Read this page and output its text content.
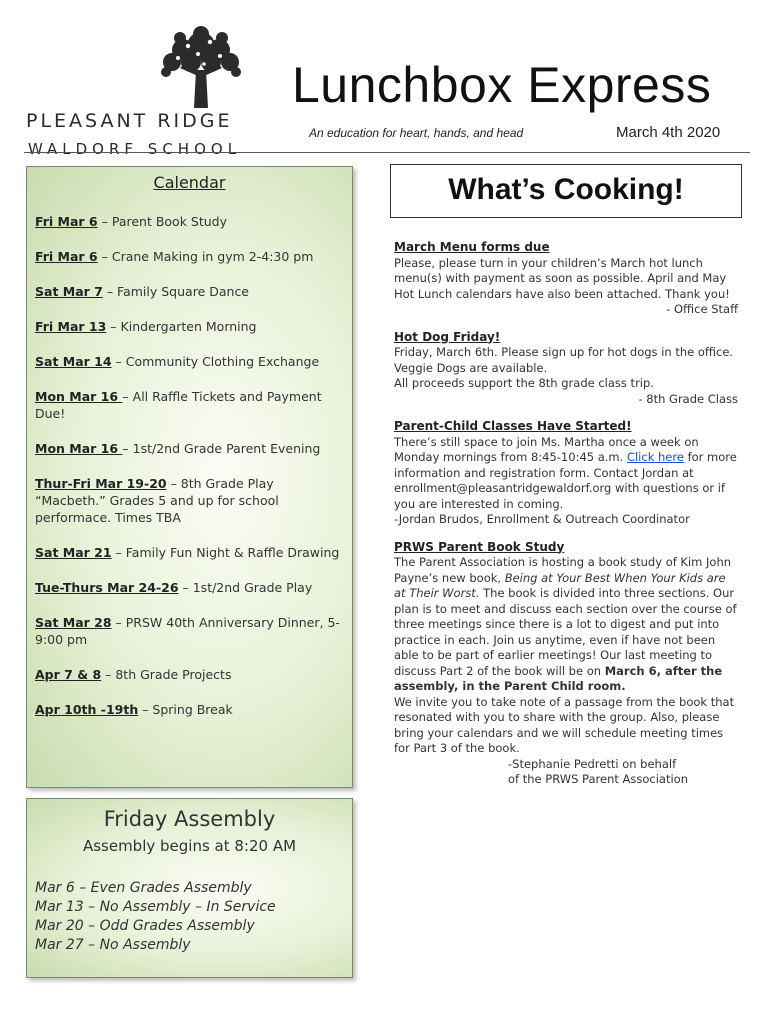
PLEASANT RIDGE
WALDORF SCHOOL
Lunchbox Express
An education for heart, hands, and head	March 4th 2020
Calendar
Fri Mar 6 – Parent Book Study
Fri Mar 6 – Crane Making in gym 2-4:30 pm
Sat Mar 7 – Family Square Dance
Fri Mar 13 – Kindergarten Morning
Sat Mar 14 – Community Clothing Exchange
Mon Mar 16 – All Raffle Tickets and Payment Due!
Mon Mar 16 – 1st/2nd Grade Parent Evening
Thur-Fri Mar 19-20 – 8th Grade Play “Macbeth.” Grades 5 and up for school performace. Times TBA
Sat Mar 21 – Family Fun Night & Raffle Drawing
Tue-Thurs Mar 24-26 – 1st/2nd Grade Play
Sat Mar 28 – PRSW 40th Anniversary Dinner, 5-9:00 pm
Apr 7 & 8 – 8th Grade Projects
Apr 10th -19th – Spring Break
Friday Assembly
Assembly begins at 8:20 AM
Mar 6 – Even Grades Assembly
Mar 13 – No Assembly – In Service
Mar 20 – Odd Grades Assembly
Mar 27 – No Assembly
What’s Cooking!
March Menu forms due
Please, please turn in your children’s March hot lunch menu(s) with payment as soon as possible. April and May Hot Lunch calendars have also been attached. Thank you!
- Office Staff
Hot Dog Friday!
Friday, March 6th. Please sign up for hot dogs in the office. Veggie Dogs are available.
All proceeds support the 8th grade class trip.
- 8th Grade Class
Parent-Child Classes Have Started!
There’s still space to join Ms. Martha once a week on Monday mornings from 8:45-10:45 a.m. Click here for more information and registration form. Contact Jordan at enrollment@pleasantridgewaldorf.org with questions or if you are interested in coming.
-Jordan Brudos, Enrollment & Outreach Coordinator
PRWS Parent Book Study
The Parent Association is hosting a book study of Kim John Payne’s new book, Being at Your Best When Your Kids are at Their Worst. The book is divided into three sections. Our plan is to meet and discuss each section over the course of three meetings since there is a lot to digest and put into practice in each. Join us anytime, even if have not been able to be part of earlier meetings! Our last meeting to discuss Part 2 of the book will be on March 6, after the assembly, in the Parent Child room.
We invite you to take note of a passage from the book that resonated with you to share with the group. Also, please bring your calendars and we will schedule meeting times for Part 3 of the book.
-Stephanie Pedretti on behalf
of the PRWS Parent Association
